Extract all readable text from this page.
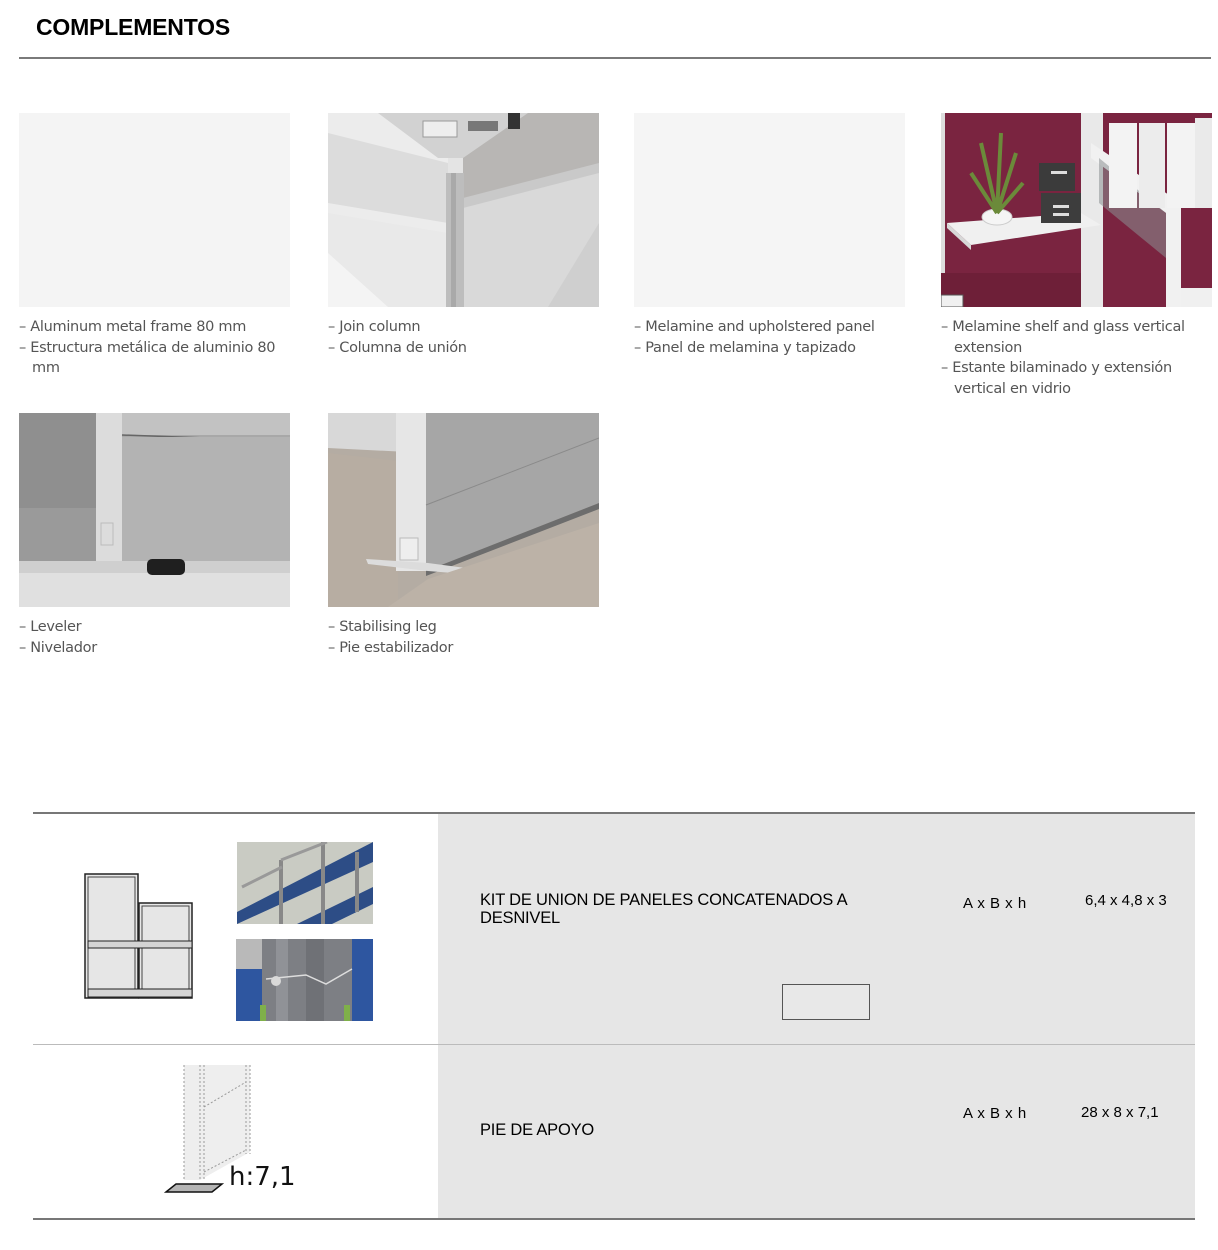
COMPLEMENTOS
– Aluminum metal frame 80 mm
– Estructura metálica de aluminio 80 mm
– Join column
– Columna de unión
– Melamine and upholstered panel
– Panel de melamina y tapizado
– Melamine shelf and glass vertical extension
– Estante bilaminado y extensión vertical en vidrio
– Leveler
– Nivelador
– Stabilising leg
– Pie estabilizador
KIT DE UNION DE PANELES CONCATENADOS A DESNIVEL
A x B x h	6,4 x 4,8 x 3
h:7,1
PIE DE APOYO
A x B x h	28 x 8 x 7,1
